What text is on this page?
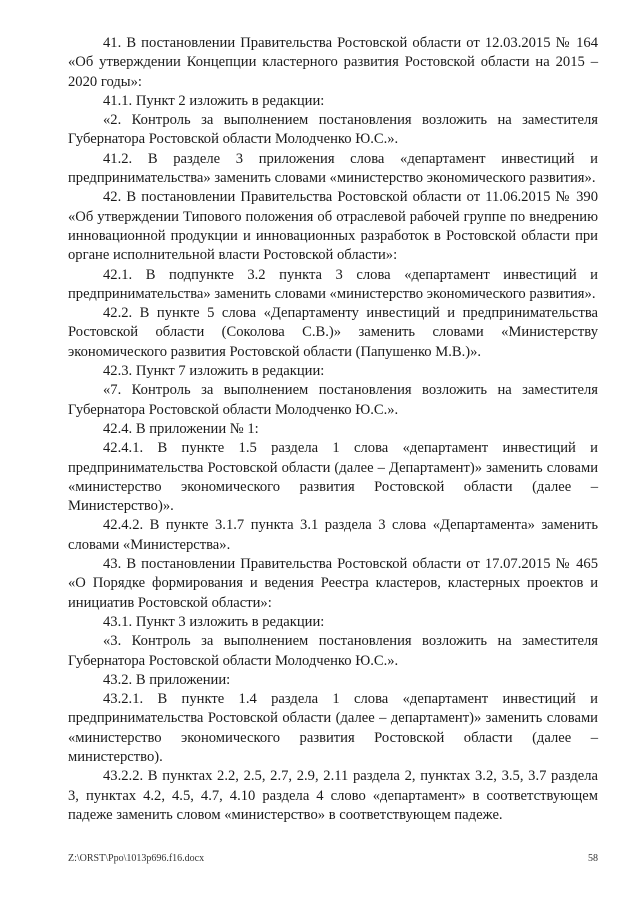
41. В постановлении Правительства Ростовской области от 12.03.2015 № 164 «Об утверждении Концепции кластерного развития Ростовской области на 2015 – 2020 годы»:

41.1. Пункт 2 изложить в редакции:

«2. Контроль за выполнением постановления возложить на заместителя Губернатора Ростовской области Молодченко Ю.С.».

41.2. В разделе 3 приложения слова «департамент инвестиций и предпринимательства» заменить словами «министерство экономического развития».

42. В постановлении Правительства Ростовской области от 11.06.2015 № 390 «Об утверждении Типового положения об отраслевой рабочей группе по внедрению инновационной продукции и инновационных разработок в Ростовской области при органе исполнительной власти Ростовской области»:

42.1. В подпункте 3.2 пункта 3 слова «департамент инвестиций и предпринимательства» заменить словами «министерство экономического развития».

42.2. В пункте 5 слова «Департаменту инвестиций и предпринимательства Ростовской области (Соколова С.В.)» заменить словами «Министерству экономического развития Ростовской области (Папушенко М.В.)».

42.3. Пункт 7 изложить в редакции:

«7. Контроль за выполнением постановления возложить на заместителя Губернатора Ростовской области Молодченко Ю.С.».

42.4. В приложении № 1:

42.4.1. В пункте 1.5 раздела 1 слова «департамент инвестиций и предпринимательства Ростовской области (далее – Департамент)» заменить словами «министерство экономического развития Ростовской области (далее – Министерство)».

42.4.2. В пункте 3.1.7 пункта 3.1 раздела 3 слова «Департамента» заменить словами «Министерства».

43. В постановлении Правительства Ростовской области от 17.07.2015 № 465 «О Порядке формирования и ведения Реестра кластеров, кластерных проектов и инициатив Ростовской области»:

43.1. Пункт 3 изложить в редакции:

«3. Контроль за выполнением постановления возложить на заместителя Губернатора Ростовской области Молодченко Ю.С.».

43.2. В приложении:

43.2.1. В пункте 1.4 раздела 1 слова «департамент инвестиций и предпринимательства Ростовской области (далее – департамент)» заменить словами «министерство экономического развития Ростовской области (далее – министерство).

43.2.2. В пунктах 2.2, 2.5, 2.7, 2.9, 2.11 раздела 2, пунктах 3.2, 3.5, 3.7 раздела 3, пунктах 4.2, 4.5, 4.7, 4.10 раздела 4 слово «департамент» в соответствующем падеже заменить словом «министерство» в соответствующем падеже.

Z:\ORST\Ppo\1013p696.f16.docx	58
